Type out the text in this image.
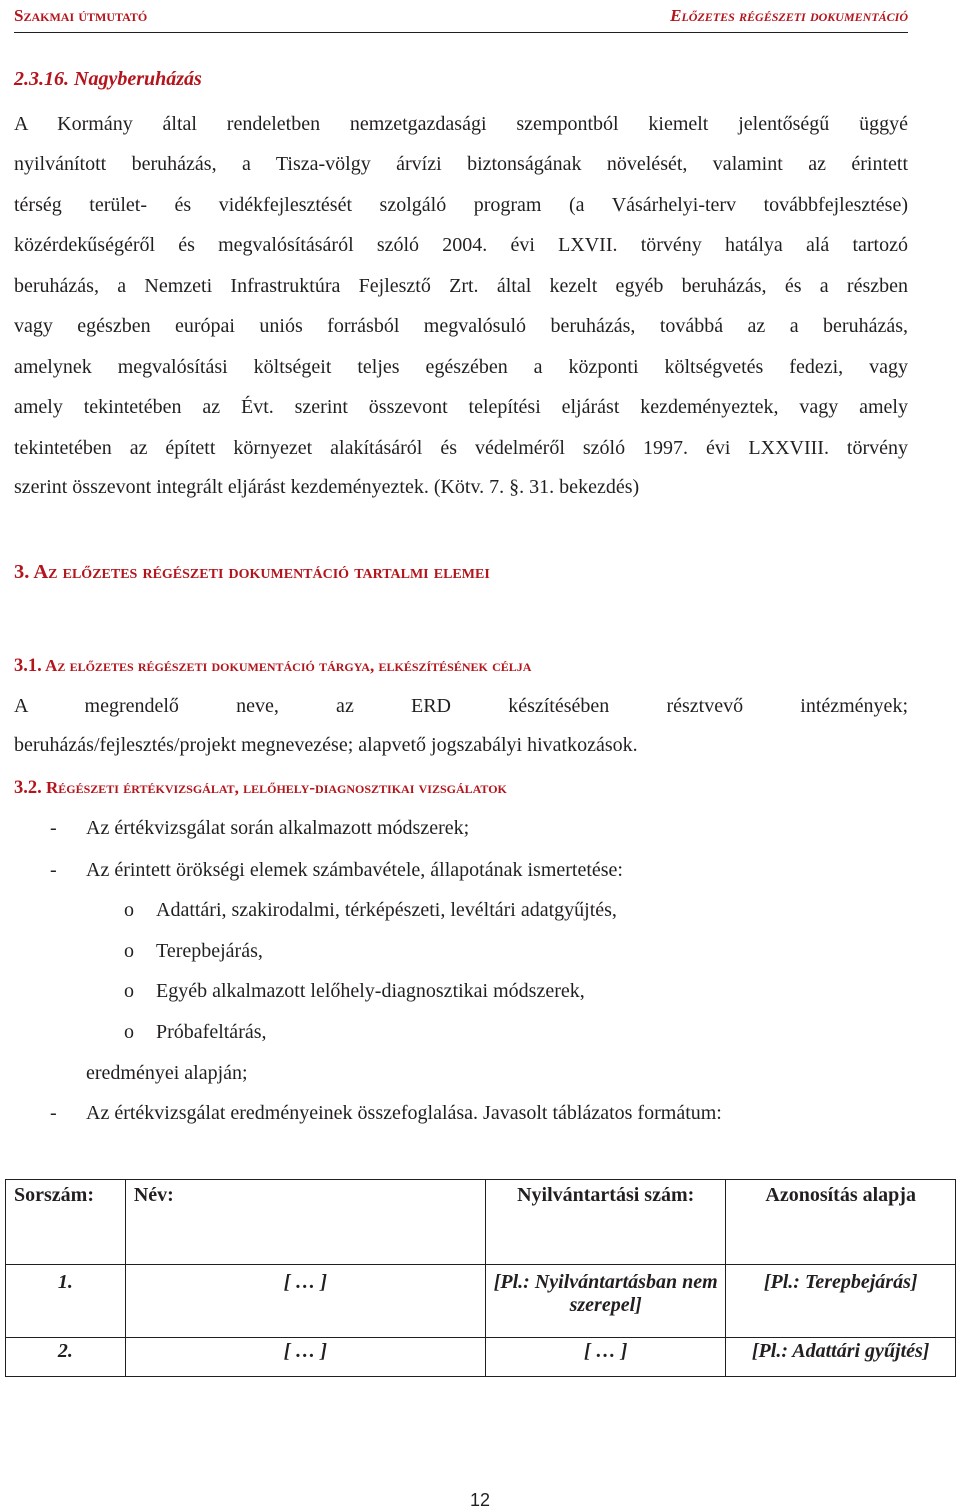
Szakmai útmutató	Előzetes régészeti dokumentáció
2.3.16. Nagyberuházás
A Kormány által rendeletben nemzetgazdasági szempontból kiemelt jelentőségű üggyé
nyilvánított beruházás, a Tisza-völgy árvízi biztonságának növelését, valamint az érintett
térség terület- és vidékfejlesztését szolgáló program (a Vásárhelyi-terv továbbfejlesztése)
közérdekűségéről és megvalósításáról szóló 2004. évi LXVII. törvény hatálya alá tartozó
beruházás, a Nemzeti Infrastruktúra Fejlesztő Zrt. által kezelt egyéb beruházás, és a részben
vagy egészben európai uniós forrásból megvalósuló beruházás, továbbá az a beruházás,
amelynek megvalósítási költségeit teljes egészében a központi költségvetés fedezi, vagy
amely tekintetében az Évt. szerint összevont telepítési eljárást kezdeményeztek, vagy amely
tekintetében az épített környezet alakításáról és védelméről szóló 1997. évi LXXVIII. törvény
szerint összevont integrált eljárást kezdeményeztek. (Kötv. 7. §. 31. bekezdés)
3. Az előzetes régészeti dokumentáció tartalmi elemei
3.1. Az előzetes régészeti dokumentáció tárgya, elkészítésének célja
A megrendelő neve, az ERD készítésében résztvevő intézmények;
beruházás/fejlesztés/projekt megnevezése; alapvető jogszabályi hivatkozások.
3.2. Régészeti értékvizsgálat, lelőhely-diagnosztikai vizsgálatok
- Az értékvizsgálat során alkalmazott módszerek;
- Az érintett örökségi elemek számbavétele, állapotának ismertetése:
o Adattári, szakirodalmi, térképészeti, levéltári adatgyűjtés,
o Terepbejárás,
o Egyéb alkalmazott lelőhely-diagnosztikai módszerek,
o Próbafeltárás,
eredményei alapján;
- Az értékvizsgálat eredményeinek összefoglalása. Javasolt táblázatos formátum:
Sorszám:	Név:	Nyilvántartási szám:	Azonosítás alapja
1.	[ … ]	[Pl.: Nyilvántartásban nem szerepel]	[Pl.: Terepbejárás]
2.	[ … ]	[ … ]	[Pl.: Adattári gyűjtés]
12
